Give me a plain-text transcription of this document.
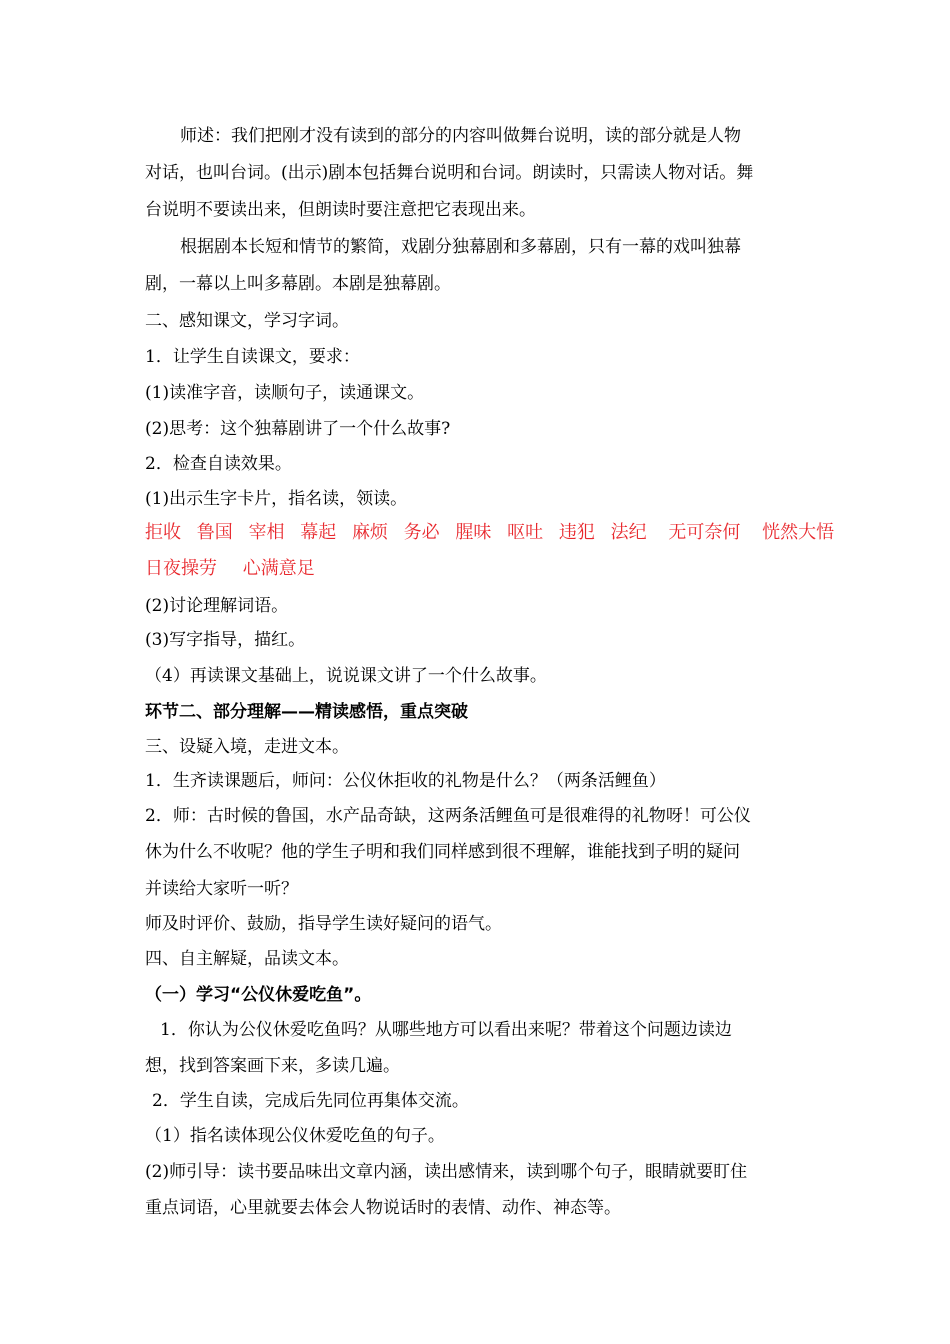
师述：我们把刚才没有读到的部分的内容叫做舞台说明，读的部分就是人物
对话，也叫台词。(出示)剧本包括舞台说明和台词。朗读时，只需读人物对话。舞
台说明不要读出来，但朗读时要注意把它表现出来。
根据剧本长短和情节的繁简，戏剧分独幕剧和多幕剧，只有一幕的戏叫独幕
剧，一幕以上叫多幕剧。本剧是独幕剧。
二、感知课文，学习字词。
1．让学生自读课文，要求：
(1)读准字音，读顺句子，读通课文。
(2)思考：这个独幕剧讲了一个什么故事?
2．检查自读效果。
(1)出示生字卡片，指名读，领读。
拒收 鲁国 宰相 幕起 麻烦 务必 腥味 呕吐 违犯 法纪 无可奈何 恍然大悟
日夜操劳 心满意足
(2)讨论理解词语。
(3)写字指导，描红。
（4）再读课文基础上，说说课文讲了一个什么故事。
环节二、部分理解——精读感悟，重点突破
三、设疑入境，走进文本。
1．生齐读课题后，师问：公仪休拒收的礼物是什么？（两条活鲤鱼）
2．师：古时候的鲁国，水产品奇缺，这两条活鲤鱼可是很难得的礼物呀！可公仪
休为什么不收呢？他的学生子明和我们同样感到很不理解，谁能找到子明的疑问
并读给大家听一听？
师及时评价、鼓励，指导学生读好疑问的语气。
四、自主解疑，品读文本。
（一）学习“公仪休爱吃鱼”。
1．你认为公仪休爱吃鱼吗？从哪些地方可以看出来呢？带着这个问题边读边
想，找到答案画下来，多读几遍。
2．学生自读，完成后先同位再集体交流。
（1）指名读体现公仪休爱吃鱼的句子。
(2)师引导：读书要品味出文章内涵，读出感情来，读到哪个句子，眼睛就要盯住
重点词语，心里就要去体会人物说话时的表情、动作、神态等。
